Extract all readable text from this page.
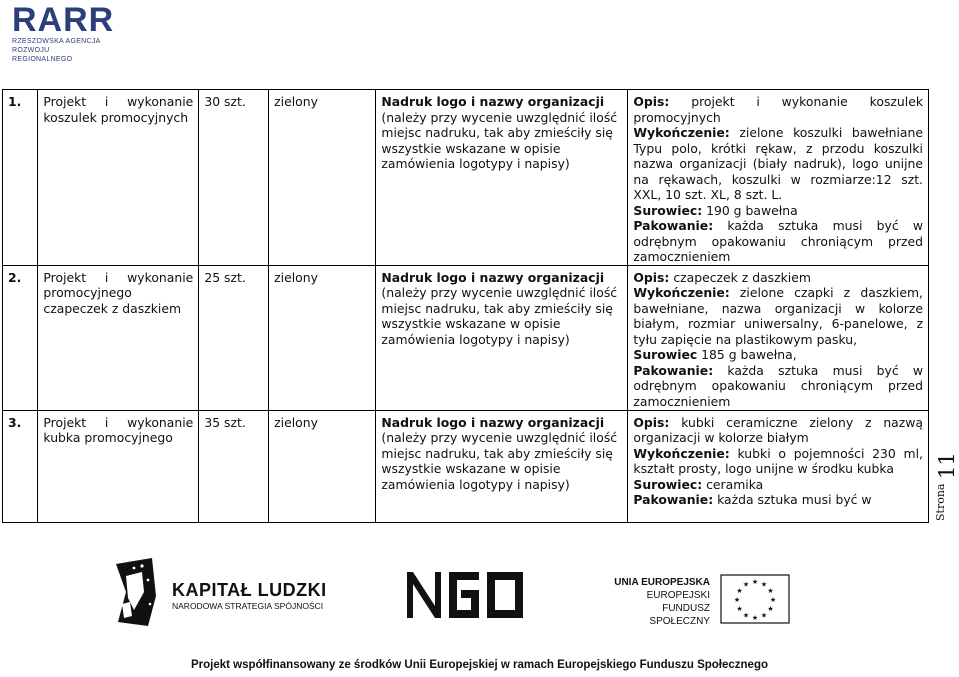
RARR
RZESZOWSKA AGENCJA
ROZWOJU REGIONALNEGO
1.	Projekt i wykonanie koszulek promocyjnych	30 szt.	zielony	Nadruk logo i nazwy organizacji
(należy przy wycenie uwzględnić ilość miejsc nadruku, tak aby zmieściły się wszystkie wskazane w opisie zamówienia logotypy i napisy)	Opis: projekt i wykonanie koszulek promocyjnych
Wykończenie: zielone koszulki bawełniane Typu polo, krótki rękaw, z przodu koszulki nazwa organizacji (biały nadruk), logo unijne na rękawach, koszulki w rozmiarze:12 szt. XXL, 10 szt. XL, 8 szt. L.
Surowiec: 190 g bawełna
Pakowanie: każda sztuka musi być w odrębnym opakowaniu chroniącym przed zamocznieniem
2.	Projekt i wykonanie promocyjnego czapeczek z daszkiem	25 szt.	zielony	Nadruk logo i nazwy organizacji
(należy przy wycenie uwzględnić ilość miejsc nadruku, tak aby zmieściły się wszystkie wskazane w opisie zamówienia logotypy i napisy)	Opis: czapeczek z daszkiem
Wykończenie: zielone czapki z daszkiem, bawełniane, nazwa organizacji w kolorze białym, rozmiar uniwersalny, 6-panelowe, z tyłu zapięcie na plastikowym pasku,
Surowiec 185 g bawełna,
Pakowanie: każda sztuka musi być w odrębnym opakowaniu chroniącym przed zamocznieniem
3.	Projekt i wykonanie kubka promocyjnego	35 szt.	zielony	Nadruk logo i nazwy organizacji
(należy przy wycenie uwzględnić ilość miejsc nadruku, tak aby zmieściły się wszystkie wskazane w opisie zamówienia logotypy i napisy)	Opis: kubki ceramiczne zielony z nazwą organizacji w kolorze białym
Wykończenie: kubki o pojemności 230 ml, kształt prosty, logo unijne w środku kubka
Surowiec: ceramika
Pakowanie: każda sztuka musi być w	Strona
11
KAPITAŁ LUDZKI
NARODOWA STRATEGIA SPÓJNOŚCI
UNIA EUROPEJSKA
EUROPEJSKI
FUNDUSZ SPOŁECZNY
★ ★
★
★
★
★
★
★
★
★
★
★
Projekt współfinansowany ze środków Unii Europejskiej w ramach Europejskiego Funduszu Społecznego
